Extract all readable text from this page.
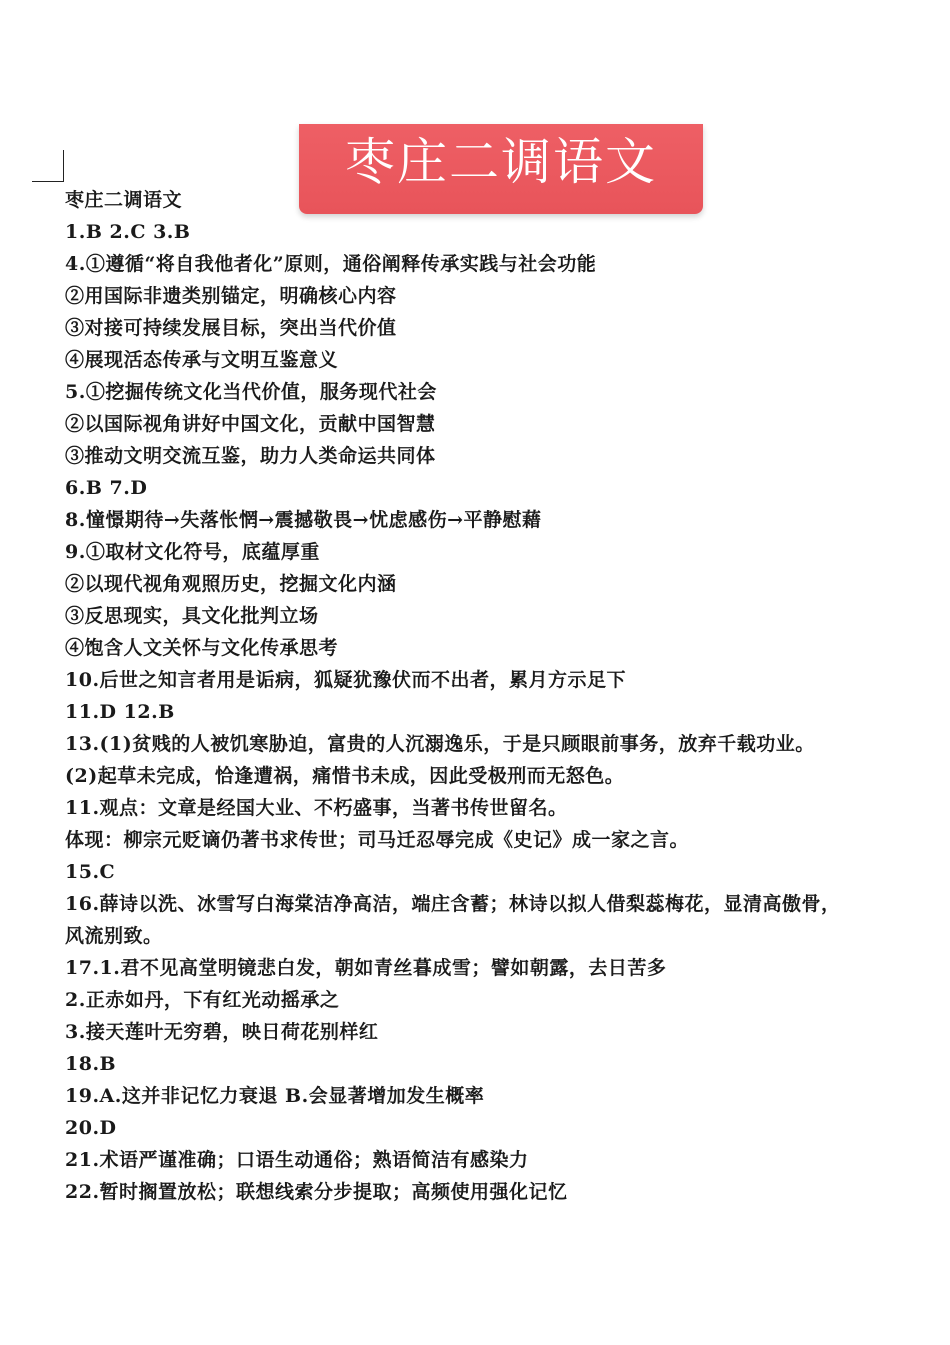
枣庄二调语文
枣庄二调语文
1.B 2.C 3.B
4.①遵循“将自我他者化”原则，通俗阐释传承实践与社会功能
②用国际非遗类别锚定，明确核心内容
③对接可持续发展目标，突出当代价值
④展现活态传承与文明互鉴意义
5.①挖掘传统文化当代价值，服务现代社会
②以国际视角讲好中国文化，贡献中国智慧
③推动文明交流互鉴，助力人类命运共同体
6.B 7.D
8.憧憬期待→失落怅惘→震撼敬畏→忧虑感伤→平静慰藉
9.①取材文化符号，底蕴厚重
②以现代视角观照历史，挖掘文化内涵
③反思现实，具文化批判立场
④饱含人文关怀与文化传承思考
10.后世之知言者用是诟病，狐疑犹豫伏而不出者，累月方示足下
11.D 12.B
13.(1)贫贱的人被饥寒胁迫，富贵的人沉溺逸乐，于是只顾眼前事务，放弃千载功业。
(2)起草未完成，恰逢遭祸，痛惜书未成，因此受极刑而无怒色。
11.观点：文章是经国大业、不朽盛事，当著书传世留名。
体现：柳宗元贬谪仍著书求传世；司马迁忍辱完成《史记》成一家之言。
15.C
16.薛诗以洗、冰雪写白海棠洁净高洁，端庄含蓄；林诗以拟人借梨蕊梅花，显清高傲骨，
风流别致。
17.1.君不见高堂明镜悲白发，朝如青丝暮成雪；譬如朝露，去日苦多
2.正赤如丹，下有红光动摇承之
3.接天莲叶无穷碧，映日荷花别样红
18.B
19.A.这并非记忆力衰退 B.会显著增加发生概率
20.D
21.术语严谨准确；口语生动通俗；熟语简洁有感染力
22.暂时搁置放松；联想线索分步提取；高频使用强化记忆
